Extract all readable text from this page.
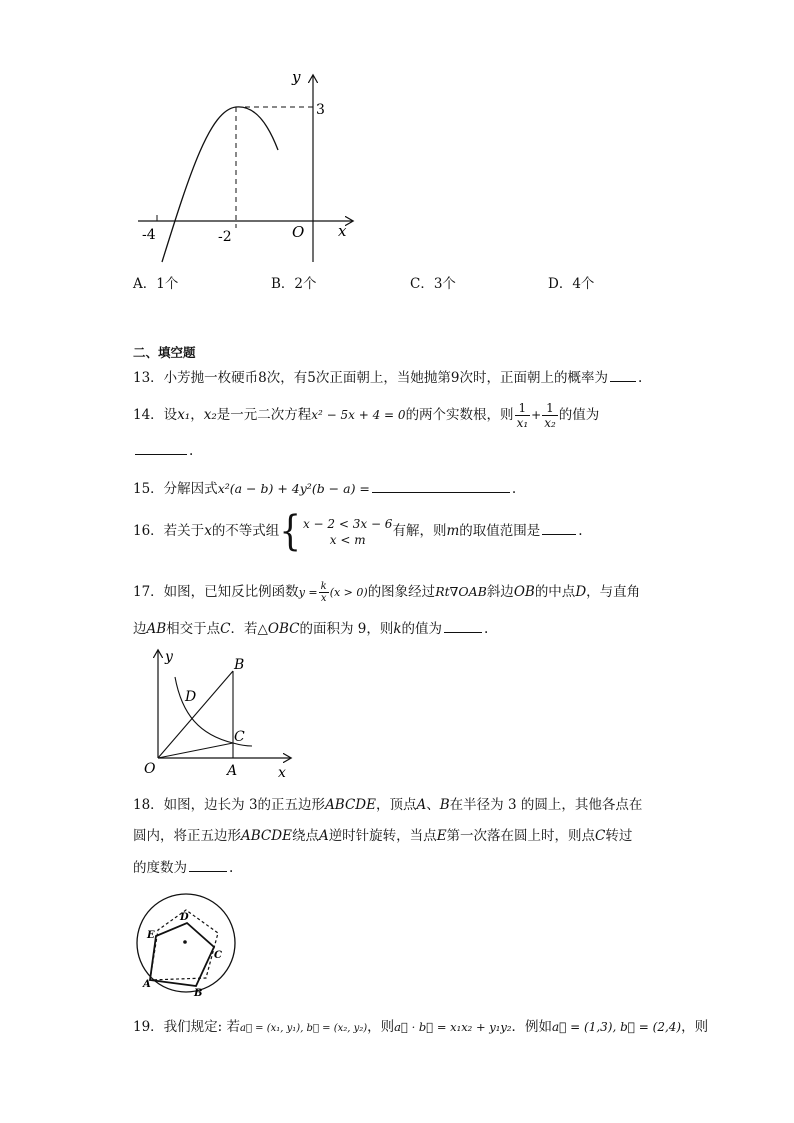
y
x
O
-4	-2
3
A．1个	B．2个	C．3个	D．4个
二、填空题
13．小芳抛一枚硬币8次，有5次正面朝上，当她抛第9次时，正面朝上的概率为 .
14．设x₁，x₂是一元二次方程x² − 5x + 4 = 0的两个实数根，则 $\frac{1}{\text{x₁}} + \frac{1}{\text{x₂}}$ 的值为
.
15．分解因式x²(a − b) + 4y²(b − a) =	.
16．若关于x的不等式组{ x − 2 < 3x − 6
x < m
有解，则m的取值范围是	.
17．如图，已知反比例函数$y = \frac{k}{x} (x > 0)$的图象经过Rt∇OAB斜边OB的中点D，与直角
边AB相交于点C．若△OBC的面积为 9，则k的值为	.
y
x
O	A
B
C
D
18．如图，边长为 3的正五边形ABCDE，顶点A、B在半径为 3 的圆上，其他各点在
圆内，将正五边形ABCDE绕点A逆时针旋转，当点E第一次落在圆上时，则点C转过
的度数为	.
A
B
C
D
E
19．我们规定: 若a⃗ = (x₁, y₁), b⃗ = (x₂, y₂)，则a⃗ · b⃗ = x₁x₂ + y₁y₂．例如a⃗ = (1,3), b⃗ = (2,4)，则
